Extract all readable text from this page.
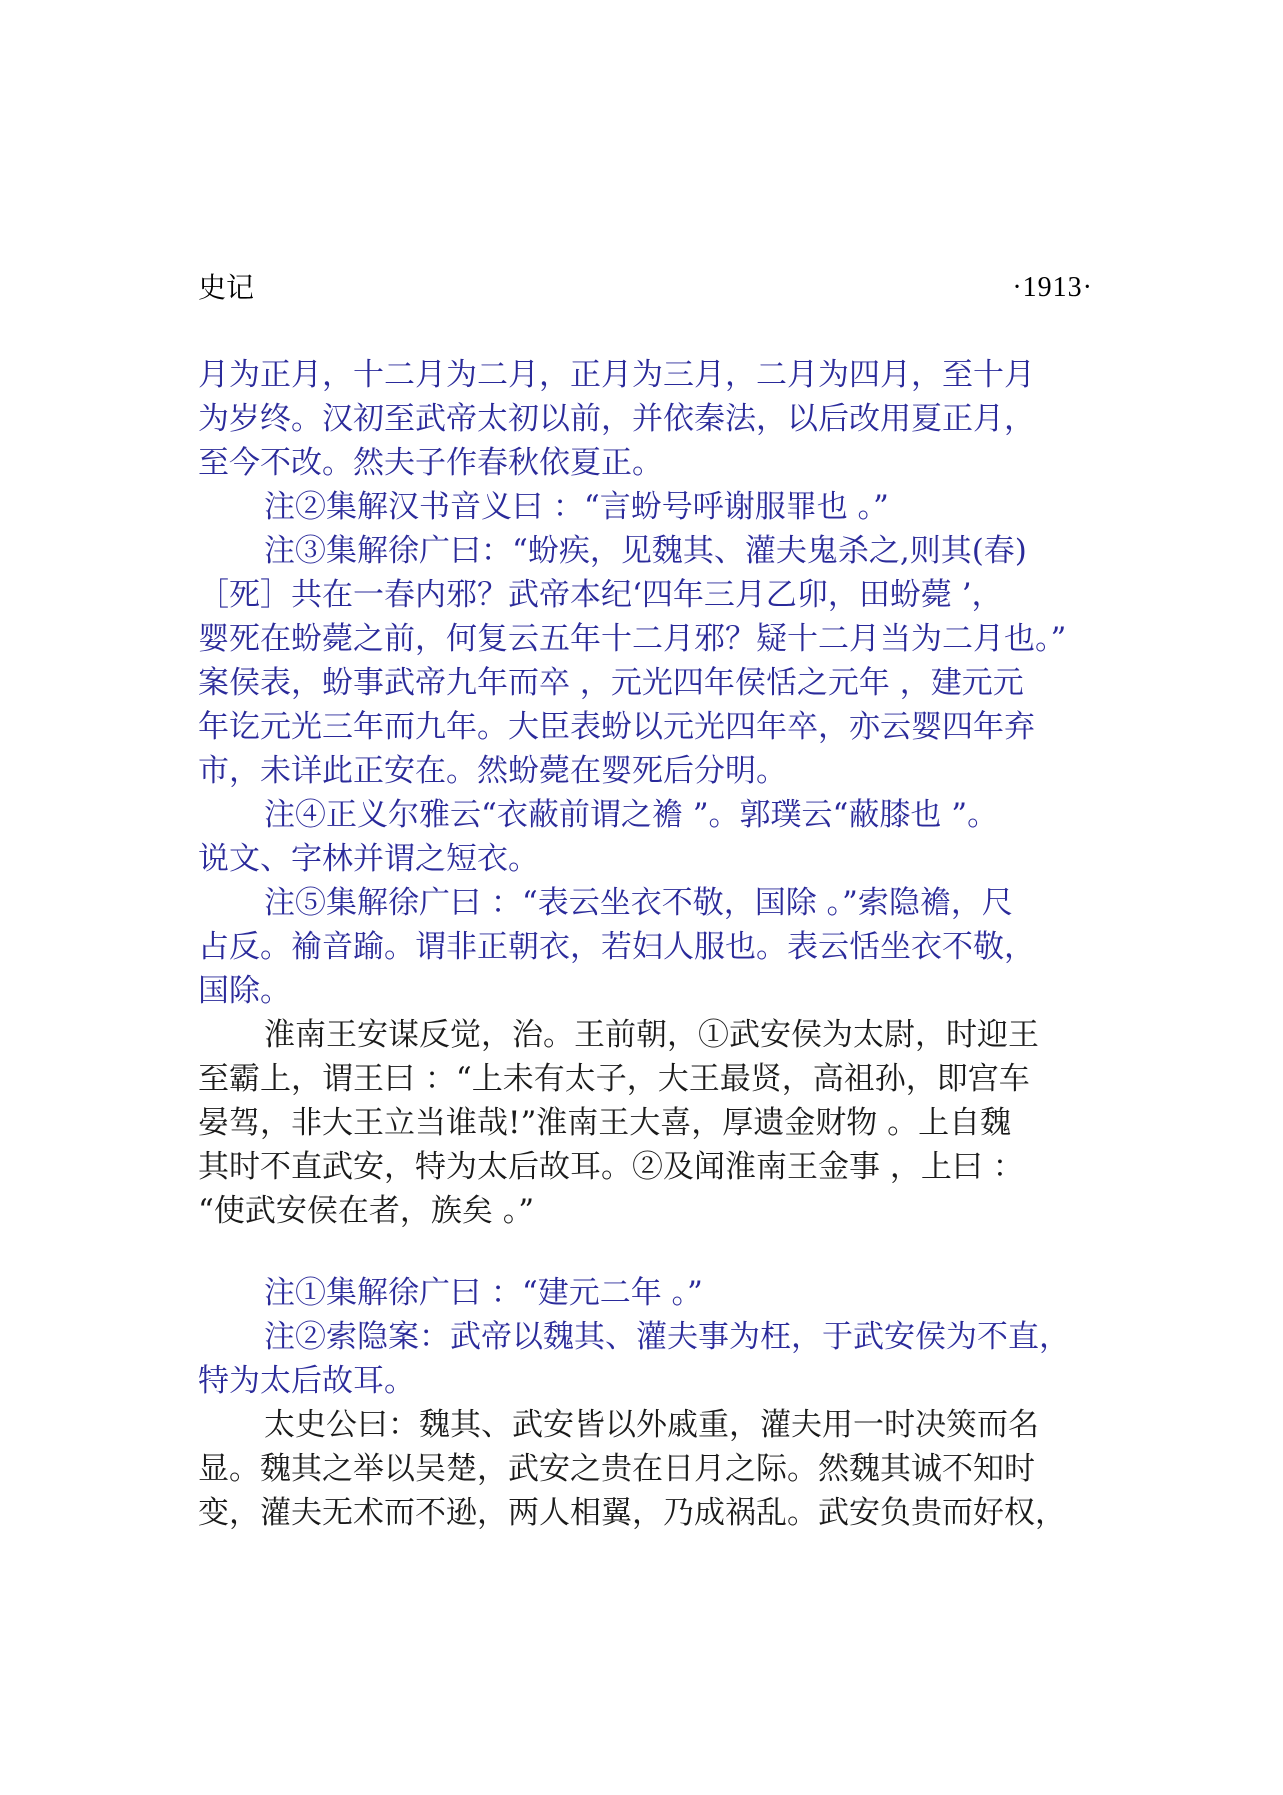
史记	·1913·
月为正月，十二月为二月，正月为三月，二月为四月，至十月
为岁终。汉初至武帝太初以前，并依秦法，以后改用夏正月，
至今不改。然夫子作春秋依夏正。
注②集解汉书音义曰 ：“言蚡号呼谢服罪也 。”
注③集解徐广曰：“蚡疾，见魏其、灌夫鬼杀之,则其(春)
［死］共在一春内邪？武帝本纪‘四年三月乙卯，田蚡薨 ’，
婴死在蚡薨之前，何复云五年十二月邪？疑十二月当为二月也。”
案侯表，蚡事武帝九年而卒 ，元光四年侯恬之元年 ，建元元
年讫元光三年而九年。大臣表蚡以元光四年卒，亦云婴四年弃
市，未详此正安在。然蚡薨在婴死后分明。
注④正义尔雅云“衣蔽前谓之襜 ”。郭璞云“蔽膝也 ”。
说文、字林并谓之短衣。
注⑤集解徐广曰 ：“表云坐衣不敬，国除 。”索隐襜，尺
占反。褕音踰。谓非正朝衣，若妇人服也。表云恬坐衣不敬，
国除。
淮南王安谋反觉，治。王前朝，①武安侯为太尉，时迎王
至霸上，谓王曰 ：“上未有太子，大王最贤，高祖孙，即宫车
晏驾，非大王立当谁哉!”淮南王大喜，厚遗金财物 。上自魏
其时不直武安，特为太后故耳。②及闻淮南王金事 ，上曰 ：
“使武安侯在者，族矣 。”
注①集解徐广曰 ：“建元二年 。”
注②索隐案：武帝以魏其、灌夫事为枉，于武安侯为不直，
特为太后故耳。
太史公曰：魏其、武安皆以外戚重，灌夫用一时决筴而名
显。魏其之举以吴楚，武安之贵在日月之际。然魏其诚不知时
变，灌夫无术而不逊，两人相翼，乃成祸乱。武安负贵而好权，
